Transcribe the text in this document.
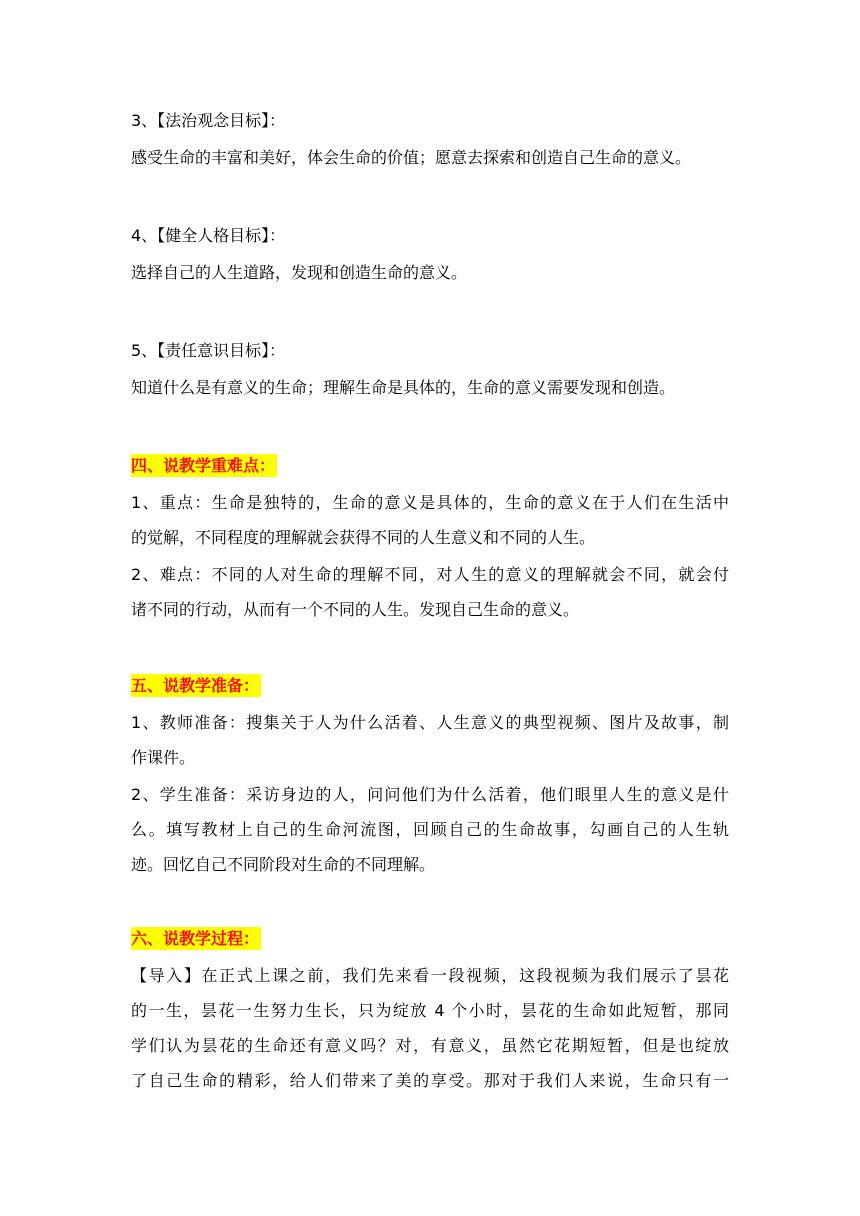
3、【法治观念目标】：

感受生命的丰富和美好，体会生命的价值；愿意去探索和创造自己生命的意义。

4、【健全人格目标】：

选择自己的人生道路，发现和创造生命的意义。

5、【责任意识目标】：

知道什么是有意义的生命；理解生命是具体的，生命的意义需要发现和创造。

四、说教学重难点：

1、重点：生命是独特的，生命的意义是具体的，生命的意义在于人们在生活中

的觉解，不同程度的理解就会获得不同的人生意义和不同的人生。

2、难点：不同的人对生命的理解不同，对人生的意义的理解就会不同，就会付

诸不同的行动，从而有一个不同的人生。发现自己生命的意义。

五、说教学准备：

1、教师准备：搜集关于人为什么活着、人生意义的典型视频、图片及故事，制

作课件。

2、学生准备：采访身边的人，问问他们为什么活着，他们眼里人生的意义是什

么。填写教材上自己的生命河流图，回顾自己的生命故事，勾画自己的人生轨

迹。回忆自己不同阶段对生命的不同理解。

六、说教学过程：

【导入】在正式上课之前，我们先来看一段视频，这段视频为我们展示了昙花

的一生，昙花一生努力生长，只为绽放 4 个小时，昙花的生命如此短暂，那同

学们认为昙花的生命还有意义吗？对，有意义，虽然它花期短暂，但是也绽放

了自己生命的精彩，给人们带来了美的享受。那对于我们人来说，生命只有一
